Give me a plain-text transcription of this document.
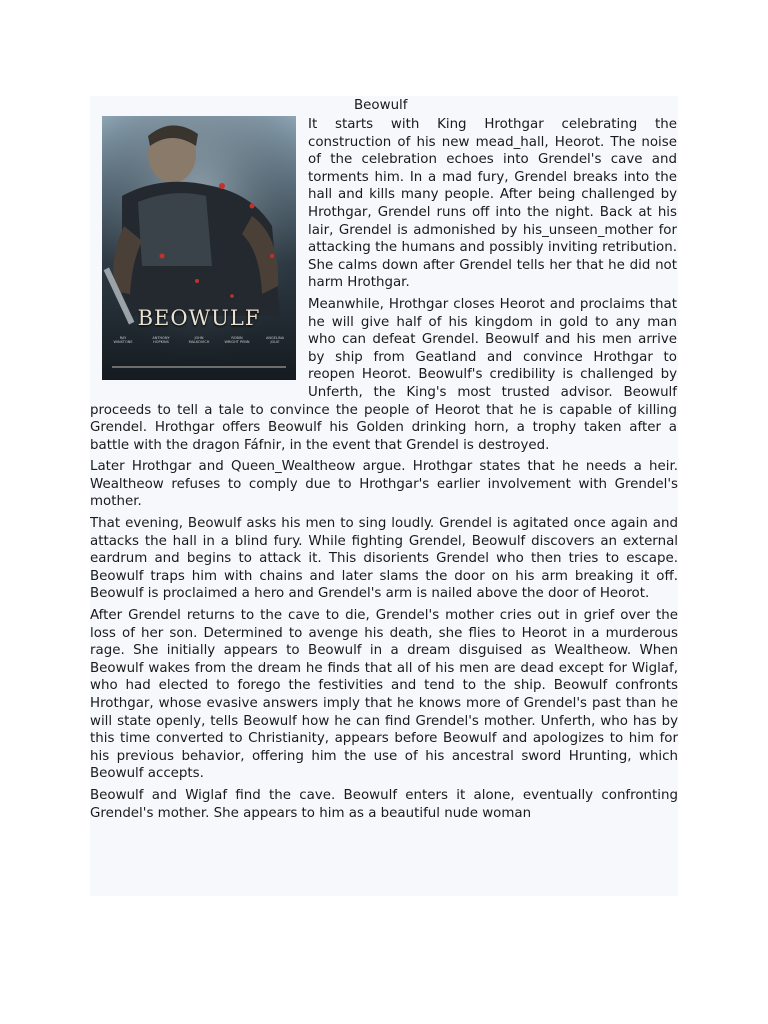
Beowulf
BEOWULF
RAY WINSTONE
ANTHONY HOPKINS
JOHN MALKOVICH
ROBIN WRIGHT PENN
ANGELINA JOLIE

It starts with King Hrothgar celebrating the construction of his new mead_hall, Heorot. The noise of the celebration echoes into Grendel's cave and torments him. In a mad fury, Grendel breaks into the hall and kills many people. After being challenged by Hrothgar, Grendel runs off into the night. Back at his lair, Grendel is admonished by his_unseen_mother for attacking the humans and possibly inviting retribution. She calms down after Grendel tells her that he did not harm Hrothgar.

Meanwhile, Hrothgar closes Heorot and proclaims that he will give half of his kingdom in gold to any man who can defeat Grendel. Beowulf and his men arrive by ship from Geatland and convince Hrothgar to reopen Heorot. Beowulf's credibility is challenged by Unferth, the King's most trusted advisor. Beowulf proceeds to tell a tale to convince the people of Heorot that he is capable of killing Grendel. Hrothgar offers Beowulf his Golden drinking horn, a trophy taken after a battle with the dragon Fáfnir, in the event that Grendel is destroyed.

Later Hrothgar and Queen_Wealtheow argue. Hrothgar states that he needs a heir. Wealtheow refuses to comply due to Hrothgar's earlier involvement with Grendel's mother.

That evening, Beowulf asks his men to sing loudly. Grendel is agitated once again and attacks the hall in a blind fury. While fighting Grendel, Beowulf discovers an external eardrum and begins to attack it. This disorients Grendel who then tries to escape. Beowulf traps him with chains and later slams the door on his arm breaking it off. Beowulf is proclaimed a hero and Grendel's arm is nailed above the door of Heorot.

After Grendel returns to the cave to die, Grendel's mother cries out in grief over the loss of her son. Determined to avenge his death, she flies to Heorot in a murderous rage. She initially appears to Beowulf in a dream disguised as Wealtheow. When Beowulf wakes from the dream he finds that all of his men are dead except for Wiglaf, who had elected to forego the festivities and tend to the ship. Beowulf confronts Hrothgar, whose evasive answers imply that he knows more of Grendel's past than he will state openly, tells Beowulf how he can find Grendel's mother. Unferth, who has by this time converted to Christianity, appears before Beowulf and apologizes to him for his previous behavior, offering him the use of his ancestral sword Hrunting, which Beowulf accepts.

Beowulf and Wiglaf find the cave. Beowulf enters it alone, eventually confronting Grendel's mother. She appears to him as a beautiful nude woman
